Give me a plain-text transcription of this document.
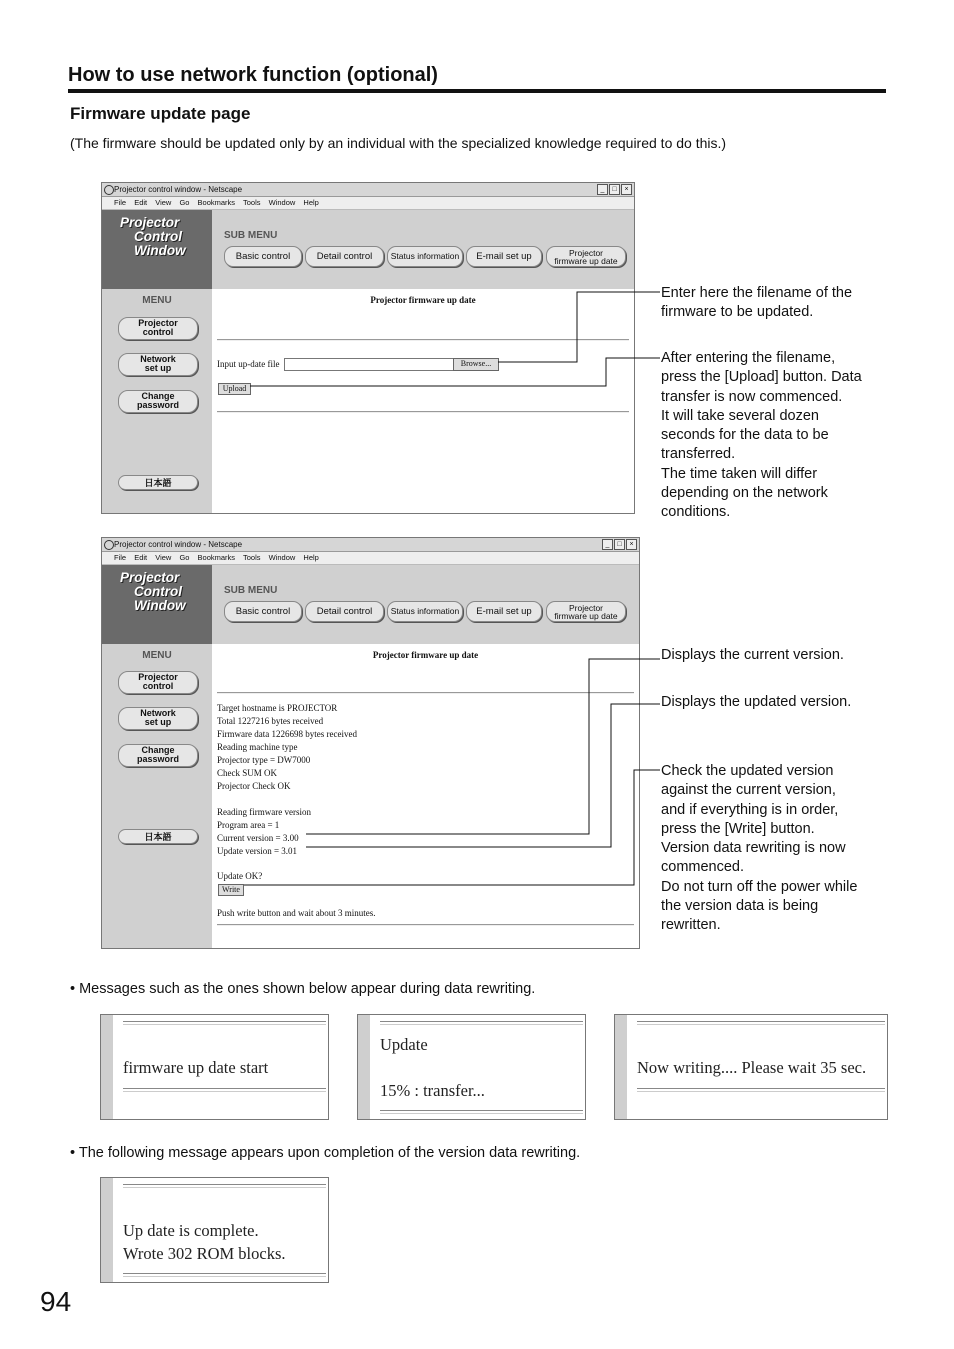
How to use network function (optional)
Firmware update page
(The firmware should be updated only by an individual with the specialized knowledge required to do this.)
Projector control window - Netscape	_	□	×
File Edit View Go Bookmarks Tools Window Help
Projector
Control
Window
SUB MENU
Basic control	Detail control	Status information	E-mail set up	Projector
firmware up date
MENU
Projector
control
Network
set up
Change
password
日本語
Projector firmware up date
Input up-date file	Browse...
Upload
Enter here the filename of the
firmware to be updated.
After entering the filename,
press the [Upload] button. Data
transfer is now commenced.
It will take several dozen
seconds for the data to be
transferred.
The time taken will differ
depending on the network
conditions.
Projector control window - Netscape	_	□	×
File Edit View Go Bookmarks Tools Window Help
Projector
Control
Window
SUB MENU
Basic control	Detail control	Status information	E-mail set up	Projector
firmware up date
MENU
Projector
control
Network
set up
Change
password
日本語
Projector firmware up date
Target hostname is PROJECTOR
Total 1227216 bytes received
Firmware data 1226698 bytes received
Reading machine type
Projector type = DW7000
Check SUM OK
Projector Check OK
Reading firmware version
Program area = 1
Current version = 3.00
Update version = 3.01
Update OK?
Write
Push write button and wait about 3 minutes.
Displays the current version.
Displays the updated version.
Check the updated version
against the current version,
and if everything is in order,
press the [Write] button.
Version data rewriting is now
commenced.
Do not turn off the power while
the version data is being
rewritten.
• Messages such as the ones shown below appear during data rewriting.
firmware up date start
Update
15% : transfer...
Now writing.... Please wait 35 sec.
• The following message appears upon completion of the version data rewriting.
Up date is complete.
Wrote 302 ROM blocks.
94
